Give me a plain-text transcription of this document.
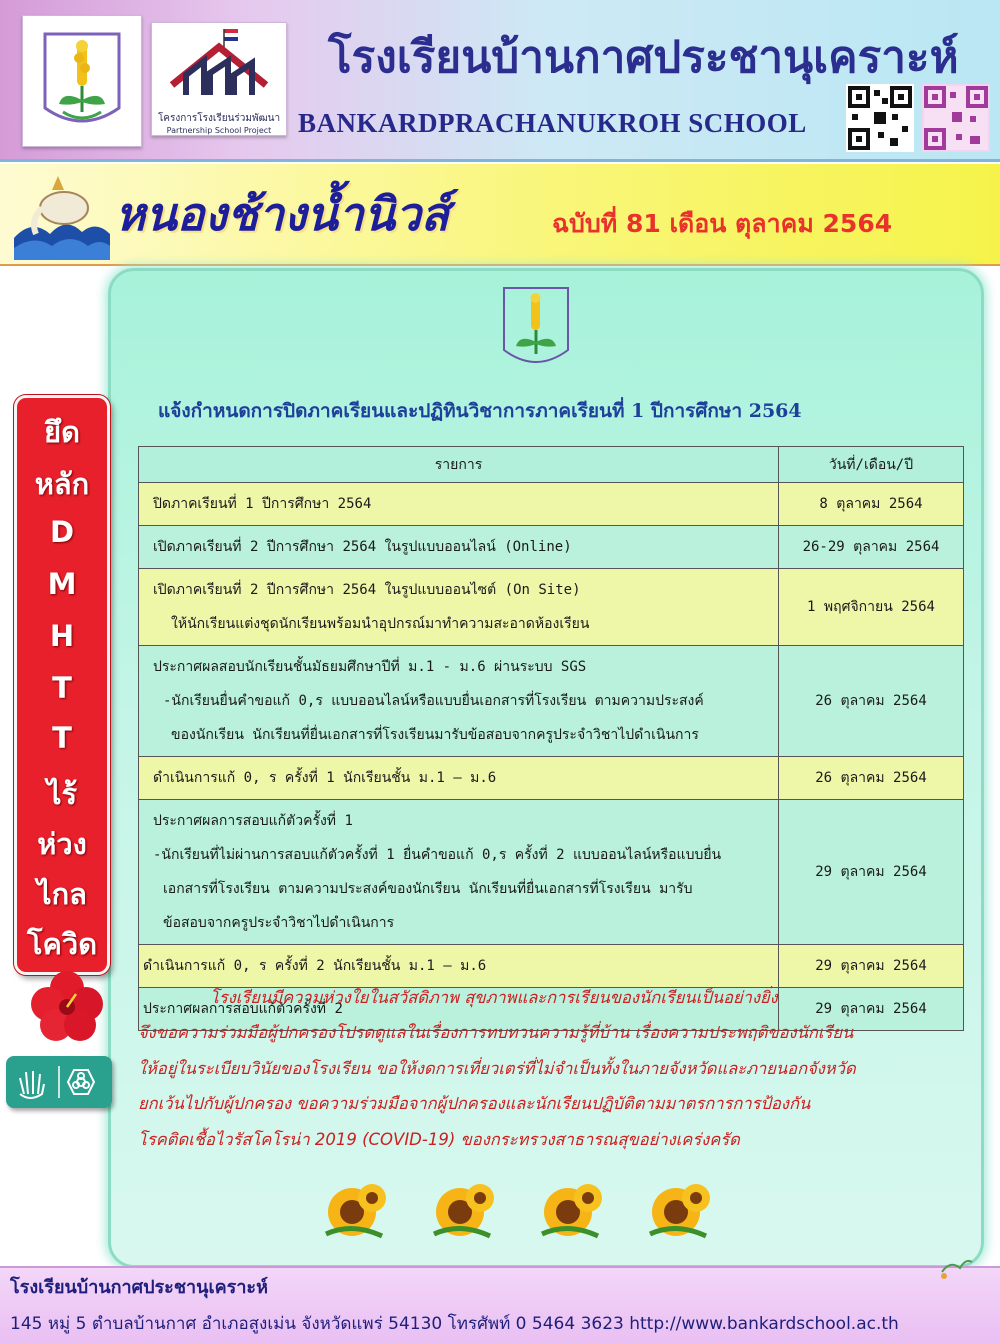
โครงการโรงเรียนร่วมพัฒนา
Partnership School Project
โรงเรียนบ้านกาศประชานุเคราะห์
BANKARDPRACHANUKROH SCHOOL
หนองช้างน้ำนิวส์	ฉบับที่ 81 เดือน ตุลาคม 2564
แจ้งกำหนดการปิดภาคเรียนและปฏิทินวิชาการภาคเรียนที่ 1 ปีการศึกษา 2564
รายการ	วันที่/เดือน/ปี

ปิดภาคเรียนที่ 1 ปีการศึกษา 2564	8 ตุลาคม 2564

เปิดภาคเรียนที่ 2 ปีการศึกษา 2564 ในรูปแบบออนไลน์ (Online)	26-29 ตุลาคม 2564

เปิดภาคเรียนที่ 2 ปีการศึกษา 2564 ในรูปแบบออนไซต์ (On Site)
ให้นักเรียนแต่งชุดนักเรียนพร้อมนำอุปกรณ์มาทำความสะอาดห้องเรียน	1 พฤศจิกายน 2564

ประกาศผลสอบนักเรียนชั้นมัธยมศึกษาปีที่ ม.1 - ม.6 ผ่านระบบ SGS
-นักเรียนยื่นคำขอแก้ 0,ร แบบออนไลน์หรือแบบยื่นเอกสารที่โรงเรียน ตามความประสงค์
ของนักเรียน นักเรียนที่ยื่นเอกสารที่โรงเรียนมารับข้อสอบจากครูประจำวิชาไปดำเนินการ	26 ตุลาคม 2564

ดำเนินการแก้ 0, ร ครั้งที่ 1 นักเรียนชั้น ม.1 – ม.6	26 ตุลาคม 2564

ประกาศผลการสอบแก้ตัวครั้งที่ 1
-นักเรียนที่ไม่ผ่านการสอบแก้ตัวครั้งที่ 1 ยื่นคำขอแก้ 0,ร ครั้งที่ 2 แบบออนไลน์หรือแบบยื่น
เอกสารที่โรงเรียน ตามความประสงค์ของนักเรียน นักเรียนที่ยื่นเอกสารที่โรงเรียน มารับ
ข้อสอบจากครูประจำวิชาไปดำเนินการ	29 ตุลาคม 2564

ดำเนินการแก้ 0, ร ครั้งที่ 2 นักเรียนชั้น ม.1 – ม.6	29 ตุลาคม 2564

ประกาศผลการสอบแก้ตัวครั้งที่ 2	29 ตุลาคม 2564
โรงเรียนมีความห่วงใยในสวัสดิภาพ สุขภาพและการเรียนของนักเรียนเป็นอย่างยิ่ง
จึงขอความร่วมมือผู้ปกครองโปรดดูแลในเรื่องการทบทวนความรู้ที่บ้าน เรื่องความประพฤติของนักเรียน
ให้อยู่ในระเบียบวินัยของโรงเรียน ขอให้งดการเที่ยวเตร่ที่ไม่จำเป็นทั้งในภายจังหวัดและภายนอกจังหวัด
ยกเว้นไปกับผู้ปกครอง ขอความร่วมมือจากผู้ปกครองและนักเรียนปฏิบัติตามมาตรการการป้องกัน
โรคติดเชื้อไวรัสโคโรน่า 2019 (COVID-19) ของกระทรวงสาธารณสุขอย่างเคร่งครัด
ยึด
หลัก
D
M
H
T
T
ไร้
ห่วง
ไกล
โควิด
โรงเรียนบ้านกาศประชานุเคราะห์
145 หมู่ 5 ตำบลบ้านกาศ อำเภอสูงเม่น จังหวัดแพร่ 54130 โทรศัพท์ 0 5464 3623 http://www.bankardschool.ac.th
